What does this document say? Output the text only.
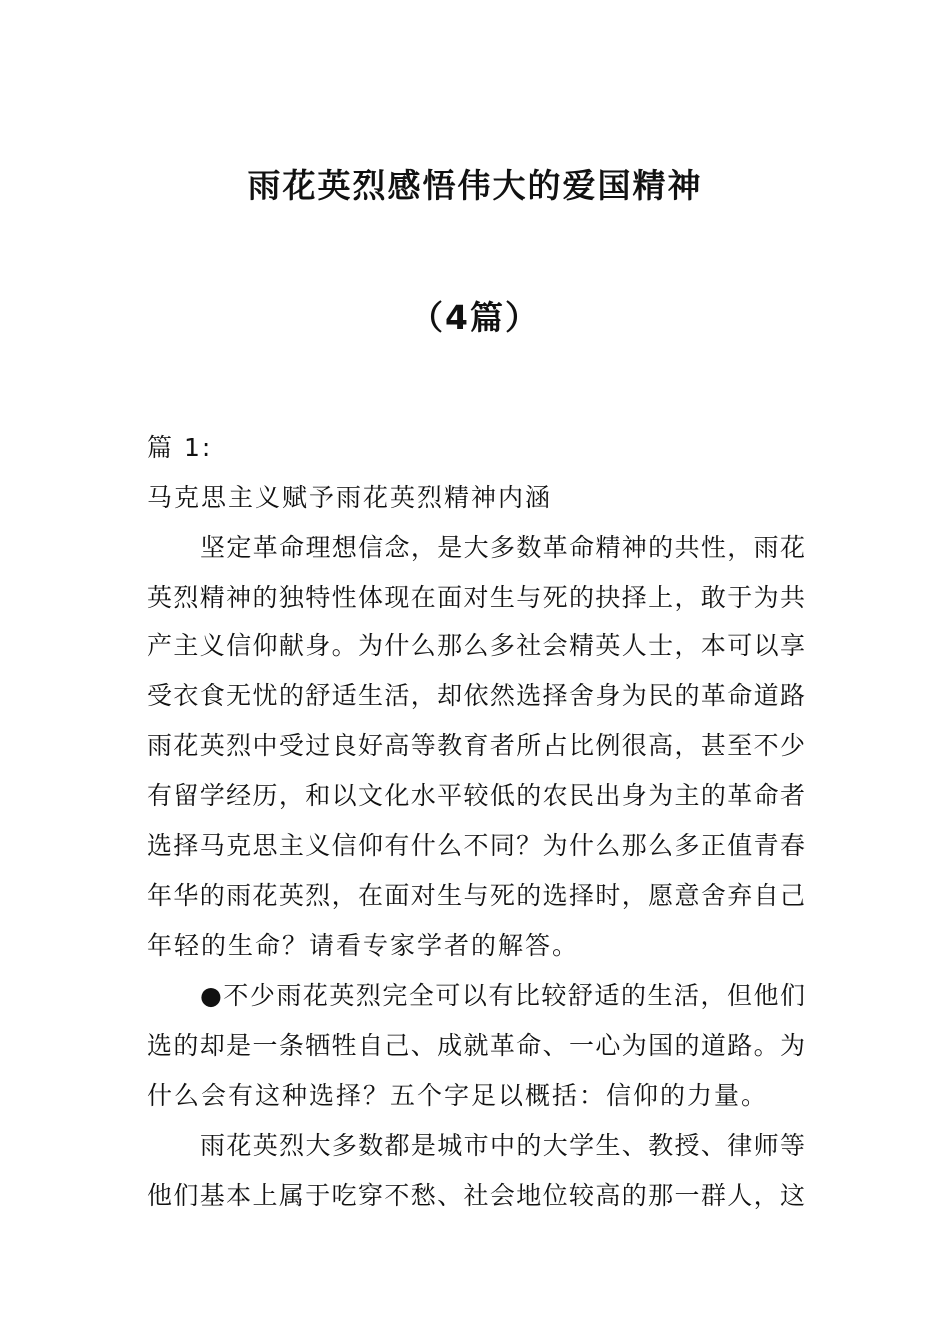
雨花英烈感悟伟大的爱国精神
（4篇）
篇 1:
马克思主义赋予雨花英烈精神内涵
坚定革命理想信念，是大多数革命精神的共性，雨花
英烈精神的独特性体现在面对生与死的抉择上，敢于为共
产主义信仰献身。为什么那么多社会精英人士，本可以享
受衣食无忧的舒适生活，却依然选择舍身为民的革命道路
雨花英烈中受过良好高等教育者所占比例很高，甚至不少
有留学经历，和以文化水平较低的农民出身为主的革命者
选择马克思主义信仰有什么不同？为什么那么多正值青春
年华的雨花英烈，在面对生与死的选择时，愿意舍弃自己
年轻的生命？请看专家学者的解答。
●不少雨花英烈完全可以有比较舒适的生活，但他们
选的却是一条牺牲自己、成就革命、一心为国的道路。为
什么会有这种选择？五个字足以概括：信仰的力量。
雨花英烈大多数都是城市中的大学生、教授、律师等
他们基本上属于吃穿不愁、社会地位较高的那一群人，这
